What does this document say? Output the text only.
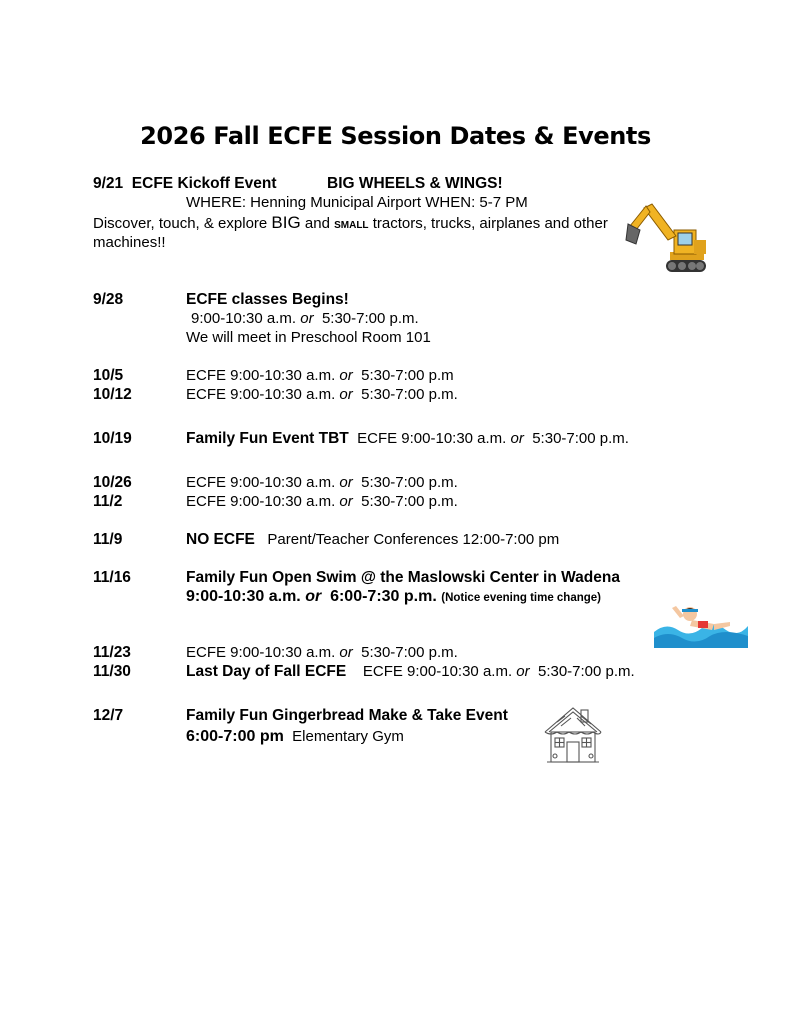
2026 Fall ECFE Session Dates & Events
9/21 ECFE Kickoff Event	BIG WHEELS & WINGS!
WHERE: Henning Municipal Airport WHEN: 5-7 PM
Discover, touch, & explore BIG and SMALL tractors, trucks, airplanes and other
machines!!
9/28	ECFE classes Begins!
9:00-10:30 a.m. or 5:30-7:00 p.m.
We will meet in Preschool Room 101
10/5	ECFE 9:00-10:30 a.m. or 5:30-7:00 p.m
10/12	ECFE 9:00-10:30 a.m. or 5:30-7:00 p.m.
10/19	Family Fun Event TBT ECFE 9:00-10:30 a.m. or 5:30-7:00 p.m.
10/26	ECFE 9:00-10:30 a.m. or 5:30-7:00 p.m.
11/2	ECFE 9:00-10:30 a.m. or 5:30-7:00 p.m.
11/9	NO ECFE Parent/Teacher Conferences 12:00-7:00 pm
11/16	Family Fun Open Swim @ the Maslowski Center in Wadena
9:00-10:30 a.m. or 6:00-7:30 p.m. (Notice evening time change)
11/23	ECFE 9:00-10:30 a.m. or 5:30-7:00 p.m.
11/30	Last Day of Fall ECFE ECFE 9:00-10:30 a.m. or 5:30-7:00 p.m.
12/7	Family Fun Gingerbread Make & Take Event
6:00-7:00 pm Elementary Gym
